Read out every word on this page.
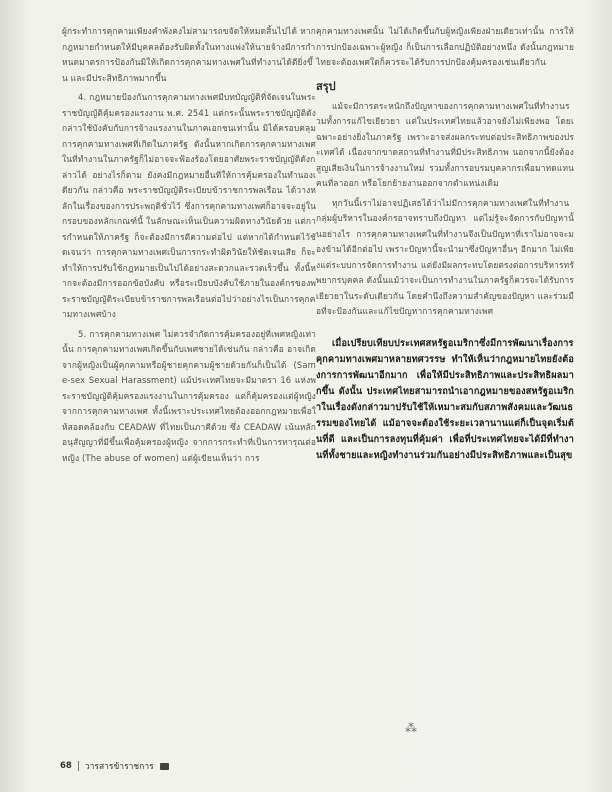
ผู้กระทำการคุกคามเพียงคำพังคงไม่สามารถขจัดให้หมดสิ้นไปได้ หากกฎหมายกำหนดให้มีบุคคลต้องรับผิดทั้งในทางแพ่งให้นายจ้างมีการกำหนดมาตรการป้องกันมิให้เกิดการคุกคามทางเพศในที่ทำงานได้ดียิ่งขึ้น และมีประสิทธิภาพมากขึ้น

4. กฎหมายป้องกันการคุกคามทางเพศมีบทบัญญัติที่จัดเจนในพระราชบัญญัติคุ้มครองแรงงาน พ.ศ. 2541 แต่กระนั้นพระราชบัญญัติดังกล่าวใช้บังคับกับการจ้างแรงงานในภาคเอกชนเท่านั้น มิได้ครอบคลุมการคุกคามทางเพศที่เกิดในภาครัฐ ดังนั้นหากเกิดการคุกคามทางเพศในที่ทำงานในภาครัฐก็ไม่อาจจะฟ้องร้องโดยอาศัยพระราชบัญญัติดังกล่าวได้ อย่างไรก็ตาม ยังคงมีกฎหมายอื่นที่ให้การคุ้มครองในทำนองเดียวกัน กล่าวคือ พระราชบัญญัติระเบียบข้าราชการพลเรือน ได้วางหลักในเรื่องของการประพฤติชั่วไว้ ซึ่งการคุกคามทางเพศก็อาจจะอยู่ในกรอบของหลักเกณฑ์นี้ ในลักษณะเห็นเป็นความผิดทางวินัยด้วย แต่การกำหนดให้ภาครัฐ ก็จะต้องมีการตีความต่อไป แต่หากได้กำหนดไว้ชัดเจนว่า การคุกคามทางเพศเป็นการกระทำผิดวินัยให้ชัดเจนเสีย ก็จะทำให้การปรับใช้กฎหมายเป็นไปได้อย่างสะดวกและรวดเร็วขึ้น ทั้งนี้หากจะต้องมีการออกข้อบังคับ หรือระเบียบบังคับใช้ภายในองค์กรของพระราชบัญญัติระเบียบข้าราชการพลเรือนต่อไปว่าอย่างไรเป็นการคุกคามทางเพศบ้าง

5. การคุกคามทางเพศ ไม่ควรจำกัดการคุ้มครองอยู่ที่เพศหญิงเท่านั้น การคุกคามทางเพศเกิดขึ้นกับเพศชายได้เช่นกัน กล่าวคือ อาจเกิดจากผู้หญิงเป็นผู้คุกคามหรือผู้ชายคุกคามผู้ชายด้วยกันก็เป็นได้ (Same-sex Sexual Harassment) แม้ประเทศไทยจะมีมาตรา 16 แห่งพระราชบัญญัติคุ้มครองแรงงานในการคุ้มครอง แต่ก็คุ้มครองแต่ผู้หญิงจากการคุกคามทางเพศ ทั้งนี้เพราะประเทศไทยต้องออกกฎหมายเพื่อให้สอดคล้องกับ CEADAW ที่ไทยเป็นภาคีด้วย ซึ่ง CEADAW เน้นหลักอนุสัญญาที่มีขึ้นเพื่อคุ้มครองผู้หญิง จากการกระทำที่เป็นการทารุณต่อหญิง (The abuse of women) แต่ผู้เขียนเห็นว่า การ

คุกคามทางเพศนั้น ไม่ได้เกิดขึ้นกับผู้หญิงเพียงฝ่ายเดียวเท่านั้น การให้การปกป้องเฉพาะผู้หญิง ก็เป็นการเลือกปฏิบัติอย่างหนึ่ง ดังนั้นกฎหมายไทยจะต้องเพศใดก็ควรจะได้รับการปกป้องคุ้มครองเช่นเดียวกัน

สรุป

แม้จะมีการตระหนักถึงปัญหาของการคุกคามทางเพศในที่ทำงานรวมทั้งการแก้ไขเยียวยา แต่ในประเทศไทยแล้วอาจยังไม่เพียงพอ โดยเฉพาะอย่างยิ่งในภาครัฐ เพราะอาจส่งผลกระทบต่อประสิทธิภาพของประเทศได้ เนื่องจากขาดสถานที่ทำงานที่มีประสิทธิภาพ นอกจากนี้ยังต้องสูญเสียเงินในการจ้างงานใหม่ รวมทั้งการอบรมบุคลากรเพื่อมาทดแทนคนที่ลาออก หรือโยกย้ายงานออกจากตำแหน่งเดิม

ทุกวันนี้เราไม่อาจปฏิเสธได้ว่าไม่มีการคุกคามทางเพศในที่ทำงาน กลุ่มผู้บริหารในองค์กรอาจทราบถึงปัญหา แต่ไม่รู้จะจัดการกับปัญหานั้นอย่างไร การคุกคามทางเพศในที่ทำงานจึงเป็นปัญหาที่เราไม่อาจจะมองข้ามได้อีกต่อไป เพราะปัญหานี้จะนำมาซึ่งปัญหาอื่นๆ อีกมาก ไม่เพียงแต่ระบบการจัดการทำงาน แต่ยังมีผลกระทบโดยตรงต่อการบริหารทรัพยากรบุคคล ดังนั้นแม้ว่าจะเป็นการทำงานในภาครัฐก็ควรจะได้รับการเยียวยาในระดับเดียวกัน โดยคำนึงถึงความสำคัญของปัญหา และร่วมมือที่จะป้องกันและแก้ไขปัญหาการคุกคามทางเพศ

เมื่อเปรียบเทียบประเทศสหรัฐอเมริกาซึ่งมีการพัฒนาเรื่องการคุกคามทางเพศมาหลายทศวรรษ ทำให้เห็นว่ากฎหมายไทยยังต้องการการพัฒนาอีกมาก เพื่อให้มีประสิทธิภาพและประสิทธิผลมากขึ้น ดังนั้น ประเทศไทยสามารถนำเอากฎหมายของสหรัฐอเมริกาในเรื่องดังกล่าวมาปรับใช้ให้เหมาะสมกับสภาพสังคมและวัฒนธรรมของไทยได้ แม้อาจจะต้องใช้ระยะเวลานานแต่ก็เป็นจุดเริ่มต้นที่ดี และเป็นการลงทุนที่คุ้มค่า เพื่อที่ประเทศไทยจะได้มีที่ทำงานที่ทั้งชายและหญิงทำงานร่วมกันอย่างมีประสิทธิภาพและเป็นสุข

⁂
68 วารสารข้าราชการ
